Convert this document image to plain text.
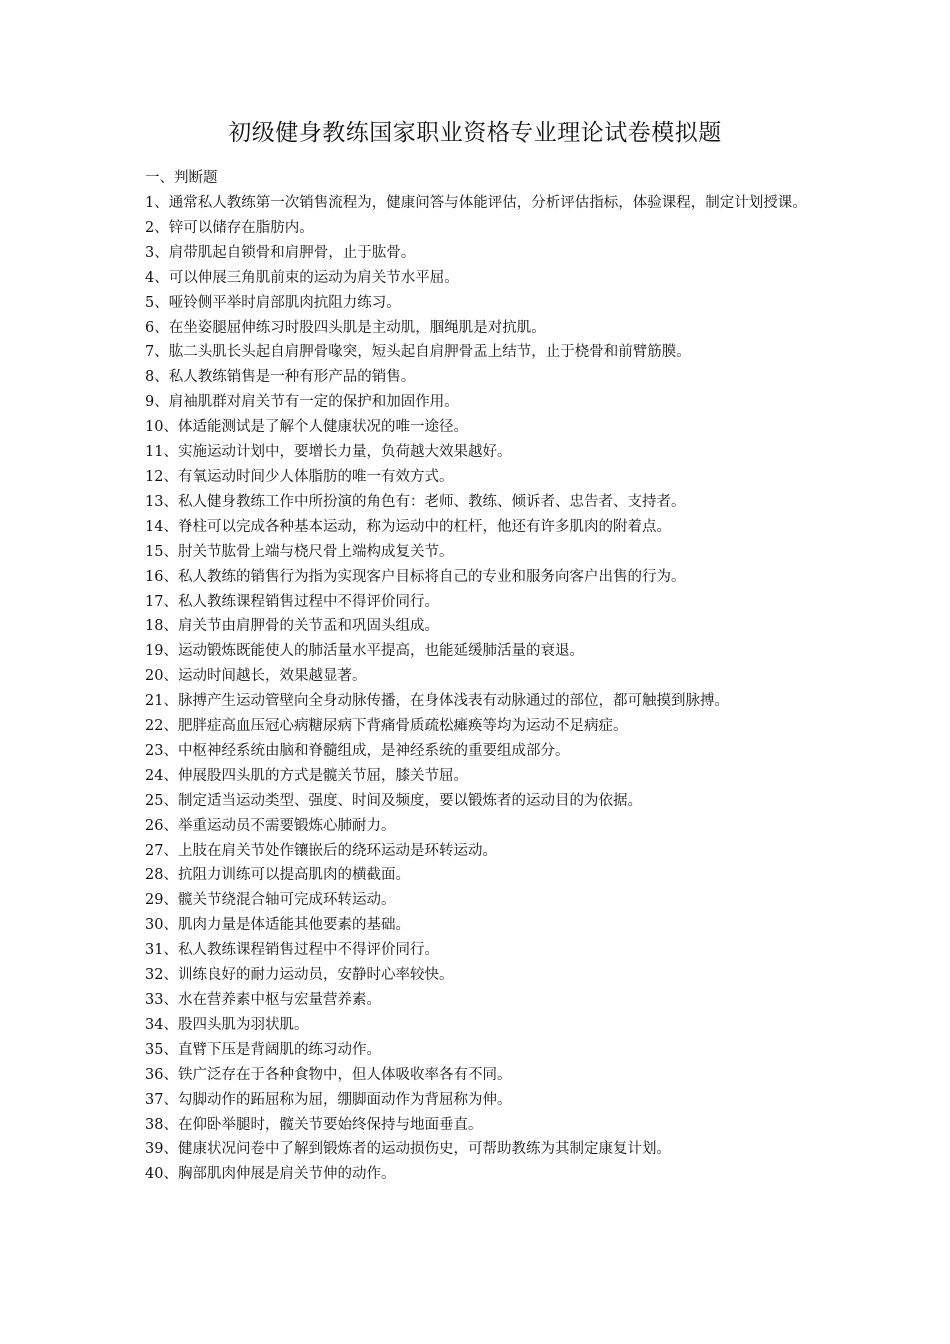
初级健身教练国家职业资格专业理论试卷模拟题
一、判断题
1、通常私人教练第一次销售流程为，健康问答与体能评估，分析评估指标，体验课程，制定计划授课。
2、锌可以储存在脂肪内。
3、肩带肌起自锁骨和肩胛骨，止于肱骨。
4、可以伸展三角肌前束的运动为肩关节水平屈。
5、哑铃侧平举时肩部肌肉抗阻力练习。
6、在坐姿腿屈伸练习时股四头肌是主动肌，腘绳肌是对抗肌。
7、肱二头肌长头起自肩胛骨喙突，短头起自肩胛骨盂上结节，止于桡骨和前臂筋膜。
8、私人教练销售是一种有形产品的销售。
9、肩袖肌群对肩关节有一定的保护和加固作用。
10、体适能测试是了解个人健康状况的唯一途径。
11、实施运动计划中，要增长力量，负荷越大效果越好。
12、有氧运动时间少人体脂肪的唯一有效方式。
13、私人健身教练工作中所扮演的角色有：老师、教练、倾诉者、忠告者、支持者。
14、脊柱可以完成各种基本运动，称为运动中的杠杆，他还有许多肌肉的附着点。
15、肘关节肱骨上端与桡尺骨上端构成复关节。
16、私人教练的销售行为指为实现客户目标将自己的专业和服务向客户出售的行为。
17、私人教练课程销售过程中不得评价同行。
18、肩关节由肩胛骨的关节盂和巩固头组成。
19、运动锻炼既能使人的肺活量水平提高，也能延缓肺活量的衰退。
20、运动时间越长，效果越显著。
21、脉搏产生运动管壁向全身动脉传播，在身体浅表有动脉通过的部位，都可触摸到脉搏。
22、肥胖症高血压冠心病糖尿病下背痛骨质疏松瘫痪等均为运动不足病症。
23、中枢神经系统由脑和脊髓组成，是神经系统的重要组成部分。
24、伸展股四头肌的方式是髋关节屈，膝关节屈。
25、制定适当运动类型、强度、时间及频度，要以锻炼者的运动目的为依据。
26、举重运动员不需要锻炼心肺耐力。
27、上肢在肩关节处作镶嵌后的绕环运动是环转运动。
28、抗阻力训练可以提高肌肉的横截面。
29、髋关节绕混合轴可完成环转运动。
30、肌肉力量是体适能其他要素的基础。
31、私人教练课程销售过程中不得评价同行。
32、训练良好的耐力运动员，安静时心率较快。
33、水在营养素中枢与宏量营养素。
34、股四头肌为羽状肌。
35、直臂下压是背阔肌的练习动作。
36、铁广泛存在于各种食物中，但人体吸收率各有不同。
37、勾脚动作的跖屈称为屈，绷脚面动作为背屈称为伸。
38、在仰卧举腿时，髋关节要始终保持与地面垂直。
39、健康状况问卷中了解到锻炼者的运动损伤史，可帮助教练为其制定康复计划。
40、胸部肌肉伸展是肩关节伸的动作。
